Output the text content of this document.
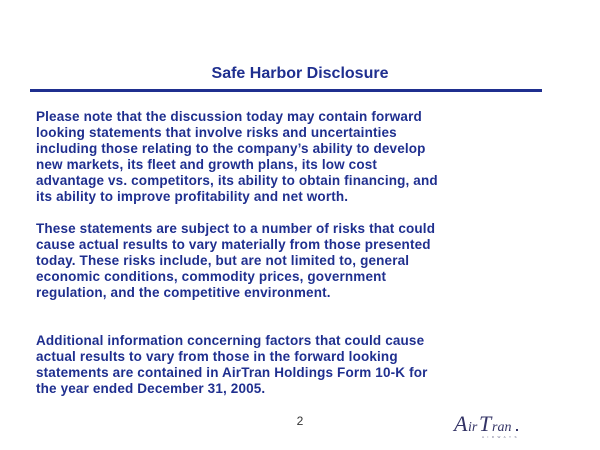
Safe Harbor Disclosure

Please note that the discussion today may contain forward
looking statements that involve risks and uncertainties
including those relating to the company’s ability to develop
new markets, its fleet and growth plans, its low cost
advantage vs. competitors, its ability to obtain financing, and
its ability to improve profitability and net worth.

These statements are subject to a number of risks that could
cause actual results to vary materially from those presented
today. These risks include, but are not limited to, general
economic conditions, commodity prices, government
regulation, and the competitive environment.

Additional information concerning factors that could cause
actual results to vary from those in the forward looking
statements are contained in AirTran Holdings Form 10-K for
the year ended December 31, 2005.

2	A ir T ran
AIRWAYS
